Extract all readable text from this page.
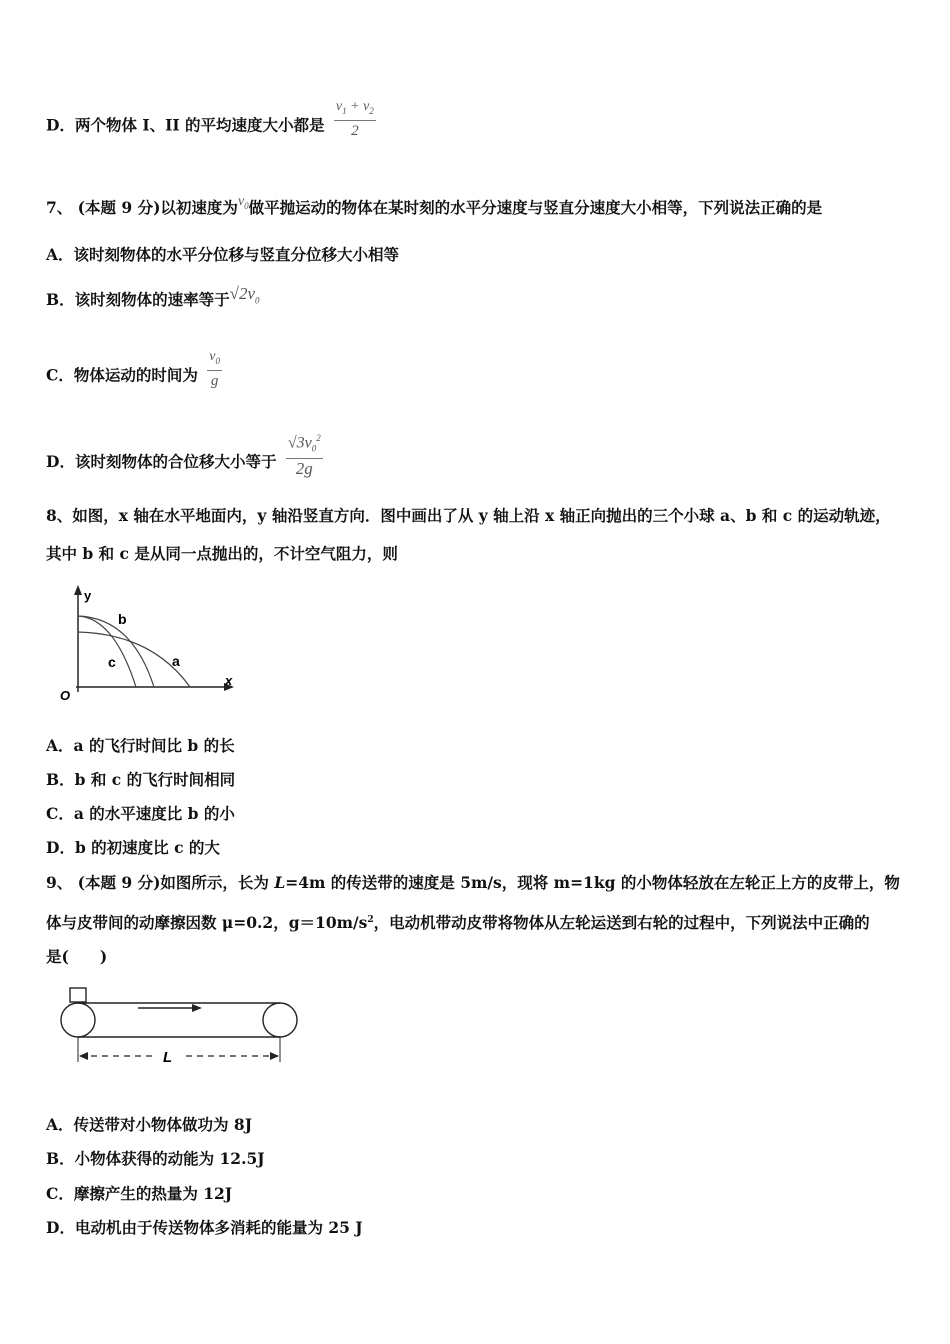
D．两个物体 I、II 的平均速度大小都是 $\frac{v_1 + v_2}{2}$
7、 (本题 9 分)以初速度为$v_0$做平抛运动的物体在某时刻的水平分速度与竖直分速度大小相等，下列说法正确的是
A．该时刻物体的水平分位移与竖直分位移大小相等
B．该时刻物体的速率等于$√2v_0$
C．物体运动的时间为 $\frac{v_0}{g}$
D．该时刻物体的合位移大小等于 $\frac{√3v_0^2}{2g}$
8、如图，x 轴在水平地面内，y 轴沿竖直方向．图中画出了从 y 轴上沿 x 轴正向抛出的三个小球 a、b 和 c 的运动轨迹，
其中 b 和 c 是从同一点抛出的，不计空气阻力，则
y
x
O
b
c	a
A．a 的飞行时间比 b 的长
B．b 和 c 的飞行时间相同
C．a 的水平速度比 b 的小
D．b 的初速度比 c 的大
9、 (本题 9 分)如图所示，长为 L=4m 的传送带的速度是 5m/s，现将 m=1kg 的小物体轻放在左轮正上方的皮带上，物
体与皮带间的动摩擦因数 μ=0.2，$g=10m/s^2$，电动机带动皮带将物体从左轮运送到右轮的过程中，下列说法中正确的
是(　　)
L
A．传送带对小物体做功为 8J
B．小物体获得的动能为 12.5J
C．摩擦产生的热量为 12J
D．电动机由于传送物体多消耗的能量为 25 J
